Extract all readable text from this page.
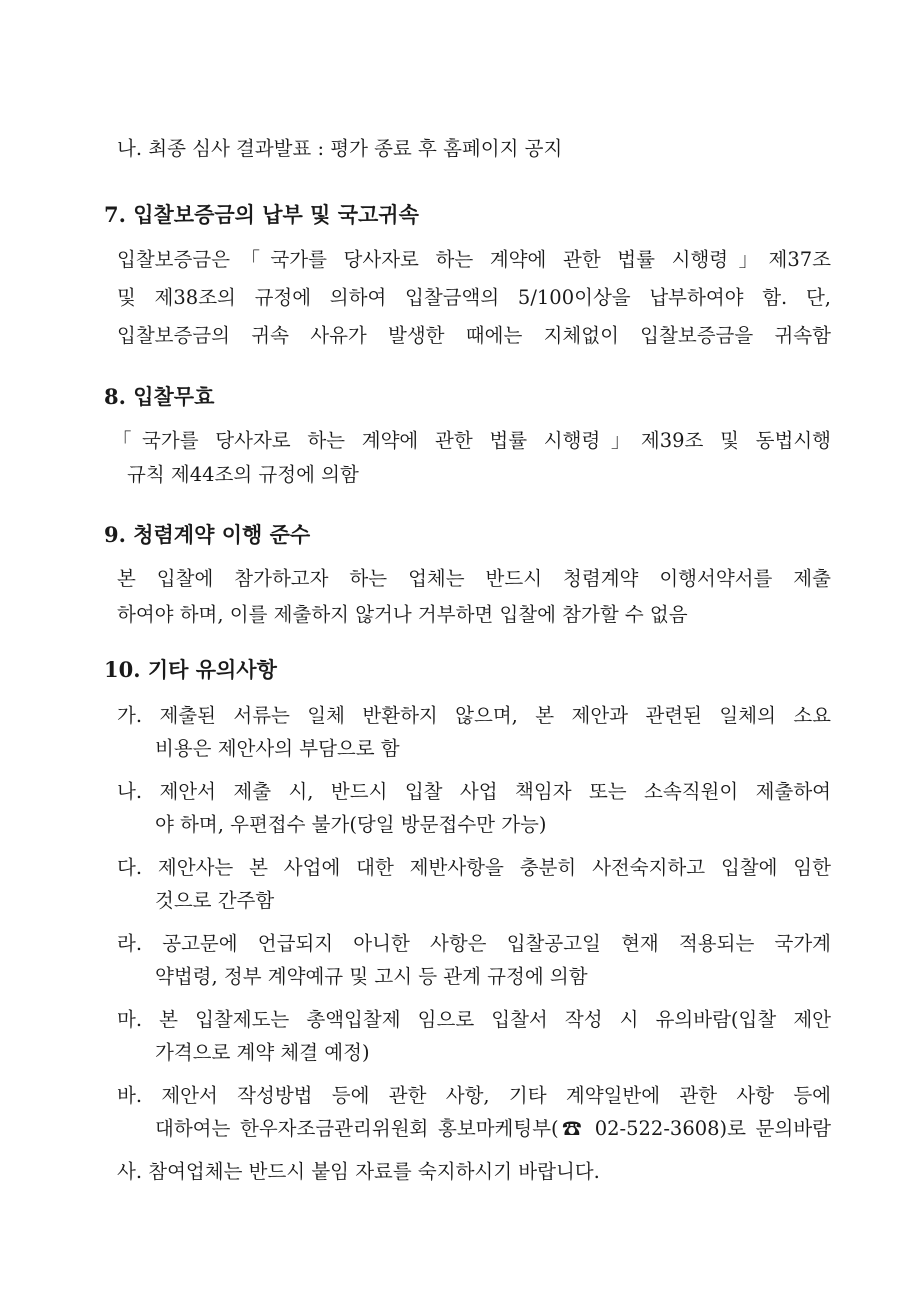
나. 최종 심사 결과발표 : 평가 종료 후 홈페이지 공지
7. 입찰보증금의 납부 및 국고귀속
입찰보증금은「국가를 당사자로 하는 계약에 관한 법률 시행령」제37조
및 제38조의 규정에 의하여 입찰금액의 5/100이상을 납부하여야 함. 단,
입찰보증금의 귀속 사유가 발생한 때에는 지체없이 입찰보증금을 귀속함
8. 입찰무효
「국가를 당사자로 하는 계약에 관한 법률 시행령」제39조 및 동법시행
규칙 제44조의 규정에 의함
9. 청렴계약 이행 준수
본 입찰에 참가하고자 하는 업체는 반드시 청렴계약 이행서약서를 제출
하여야 하며, 이를 제출하지 않거나 거부하면 입찰에 참가할 수 없음
10. 기타 유의사항
가. 제출된 서류는 일체 반환하지 않으며, 본 제안과 관련된 일체의 소요
비용은 제안사의 부담으로 함
나. 제안서 제출 시, 반드시 입찰 사업 책임자 또는 소속직원이 제출하여
야 하며, 우편접수 불가(당일 방문접수만 가능)
다. 제안사는 본 사업에 대한 제반사항을 충분히 사전숙지하고 입찰에 임한
것으로 간주함
라. 공고문에 언급되지 아니한 사항은 입찰공고일 현재 적용되는 국가계
약법령, 정부 계약예규 및 고시 등 관계 규정에 의함
마. 본 입찰제도는 총액입찰제 임으로 입찰서 작성 시 유의바람(입찰 제안
가격으로 계약 체결 예정)
바. 제안서 작성방법 등에 관한 사항, 기타 계약일반에 관한 사항 등에
대하여는 한우자조금관리위원회 홍보마케팅부(☎ 02-522-3608)로 문의바람
사. 참여업체는 반드시 붙임 자료를 숙지하시기 바랍니다.
